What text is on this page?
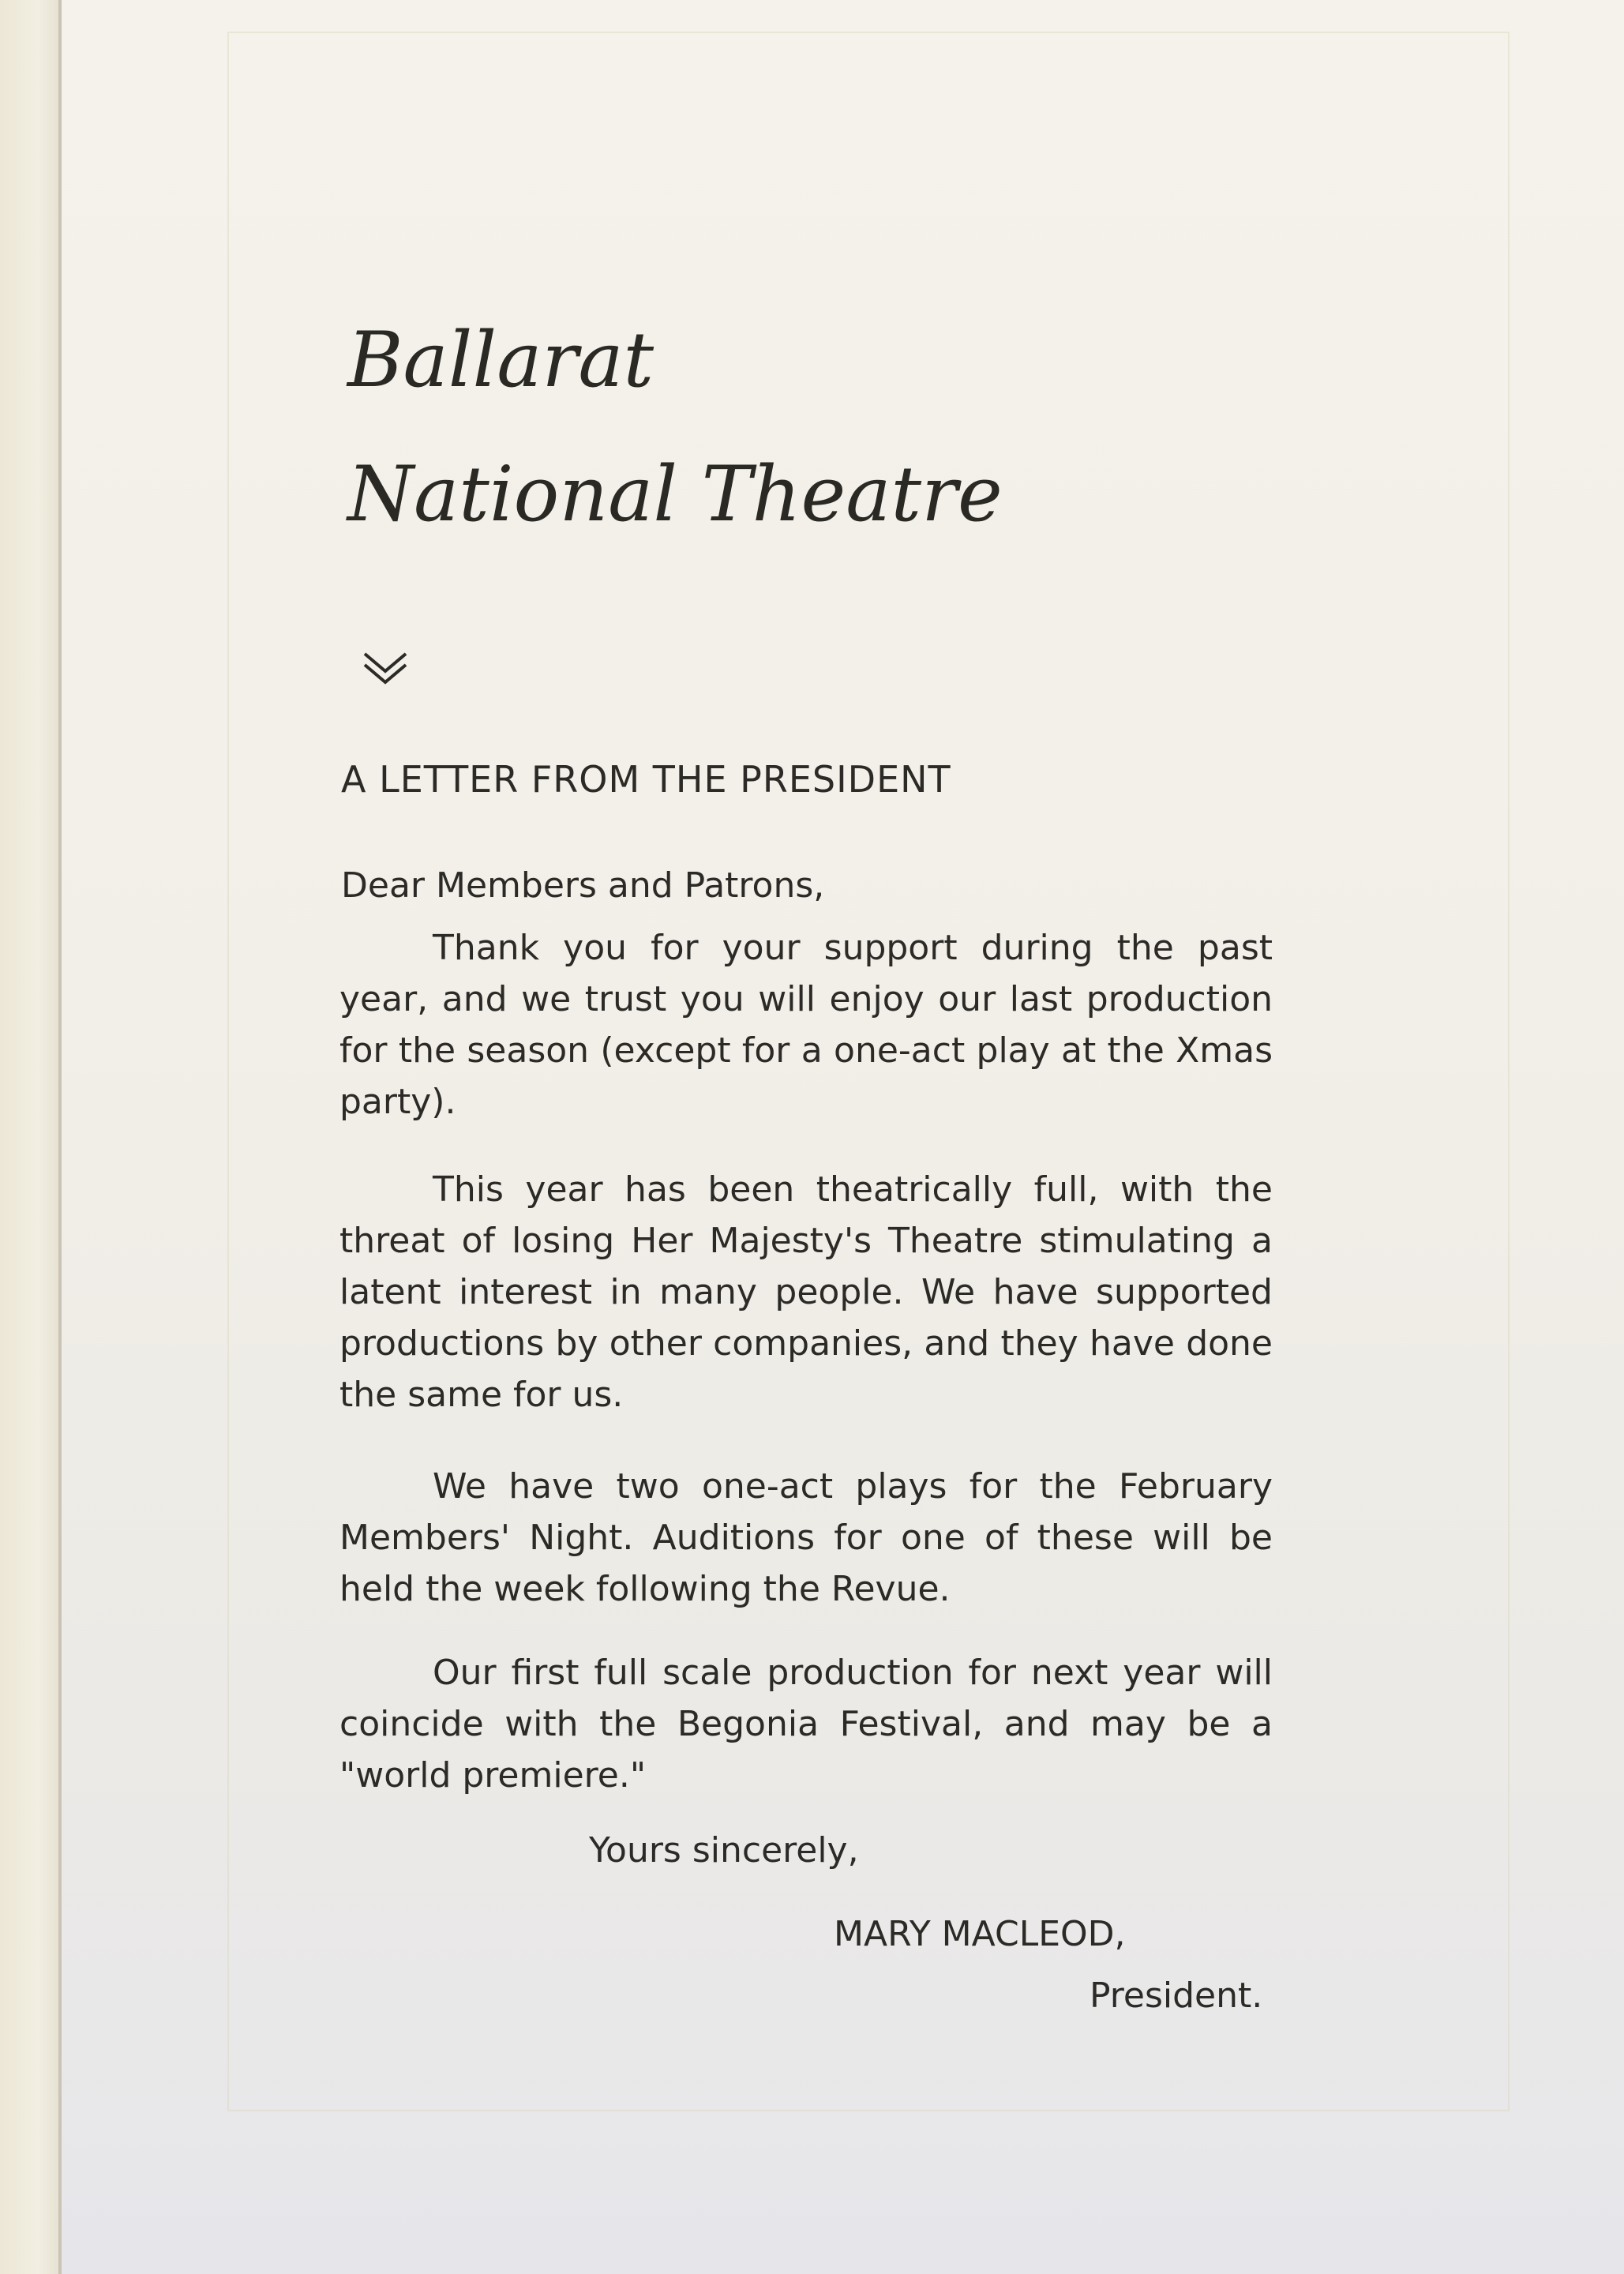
Ballarat
National Theatre
A LETTER FROM THE PRESIDENT

Dear Members and Patrons,

Thank you for your support during the past year, and we trust you will enjoy our last production for the season (except for a one-act play at the Xmas party).

This year has been theatrically full, with the threat of losing Her Majesty's Theatre stimulating a latent interest in many people. We have supported productions by other companies, and they have done the same for us.

We have two one-act plays for the February Members' Night. Auditions for one of these will be held the week following the Revue.

Our first full scale production for next year will coincide with the Begonia Festival, and may be a "world premiere."

Yours sincerely,

MARY MACLEOD,

President.
